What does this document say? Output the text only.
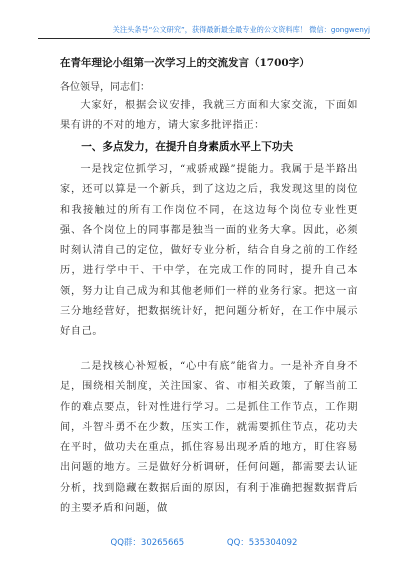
关注头条号“公文研究”，获得最新最全最专业的公文资料库！ 微信：gongwenyj
在青年理论小组第一次学习上的交流发言（1700字）
各位领导，同志们：
大家好，根据会议安排，我就三方面和大家交流，下面如果有讲的不对的地方，请大家多批评指正：
一、多点发力，在提升自身素质水平上下功夫
一是找定位抓学习，“戒骄戒躁”提能力。我属于是半路出家，还可以算是一个新兵，到了这边之后，我发现这里的岗位和我接触过的所有工作岗位不同，在这边每个岗位专业性更强、各个岗位上的同事都是独当一面的业务大拿。因此，必须时刻认清自己的定位，做好专业分析，结合自身之前的工作经历，进行学中干、干中学，在完成工作的同时，提升自己本领，努力让自己成为和其他老师们一样的业务行家。把这一亩三分地经营好，把数据统计好，把问题分析好，在工作中展示好自己。
二是找核心补短板，“心中有底”能省力。一是补齐自身不足，围绕相关制度，关注国家、省、市相关政策，了解当前工作的难点要点，针对性进行学习。二是抓住工作节点，工作期间，斗智斗勇不在少数，压实工作，就需要抓住节点，花功夫在平时，做功夫在重点，抓住容易出现矛盾的地方，盯住容易出问题的地方。三是做好分析调研，任何问题，都需要去认证分析，找到隐藏在数据后面的原因，有利于准确把握数据背后的主要矛盾和问题，做
QQ群：30265665	QQ：535304092
